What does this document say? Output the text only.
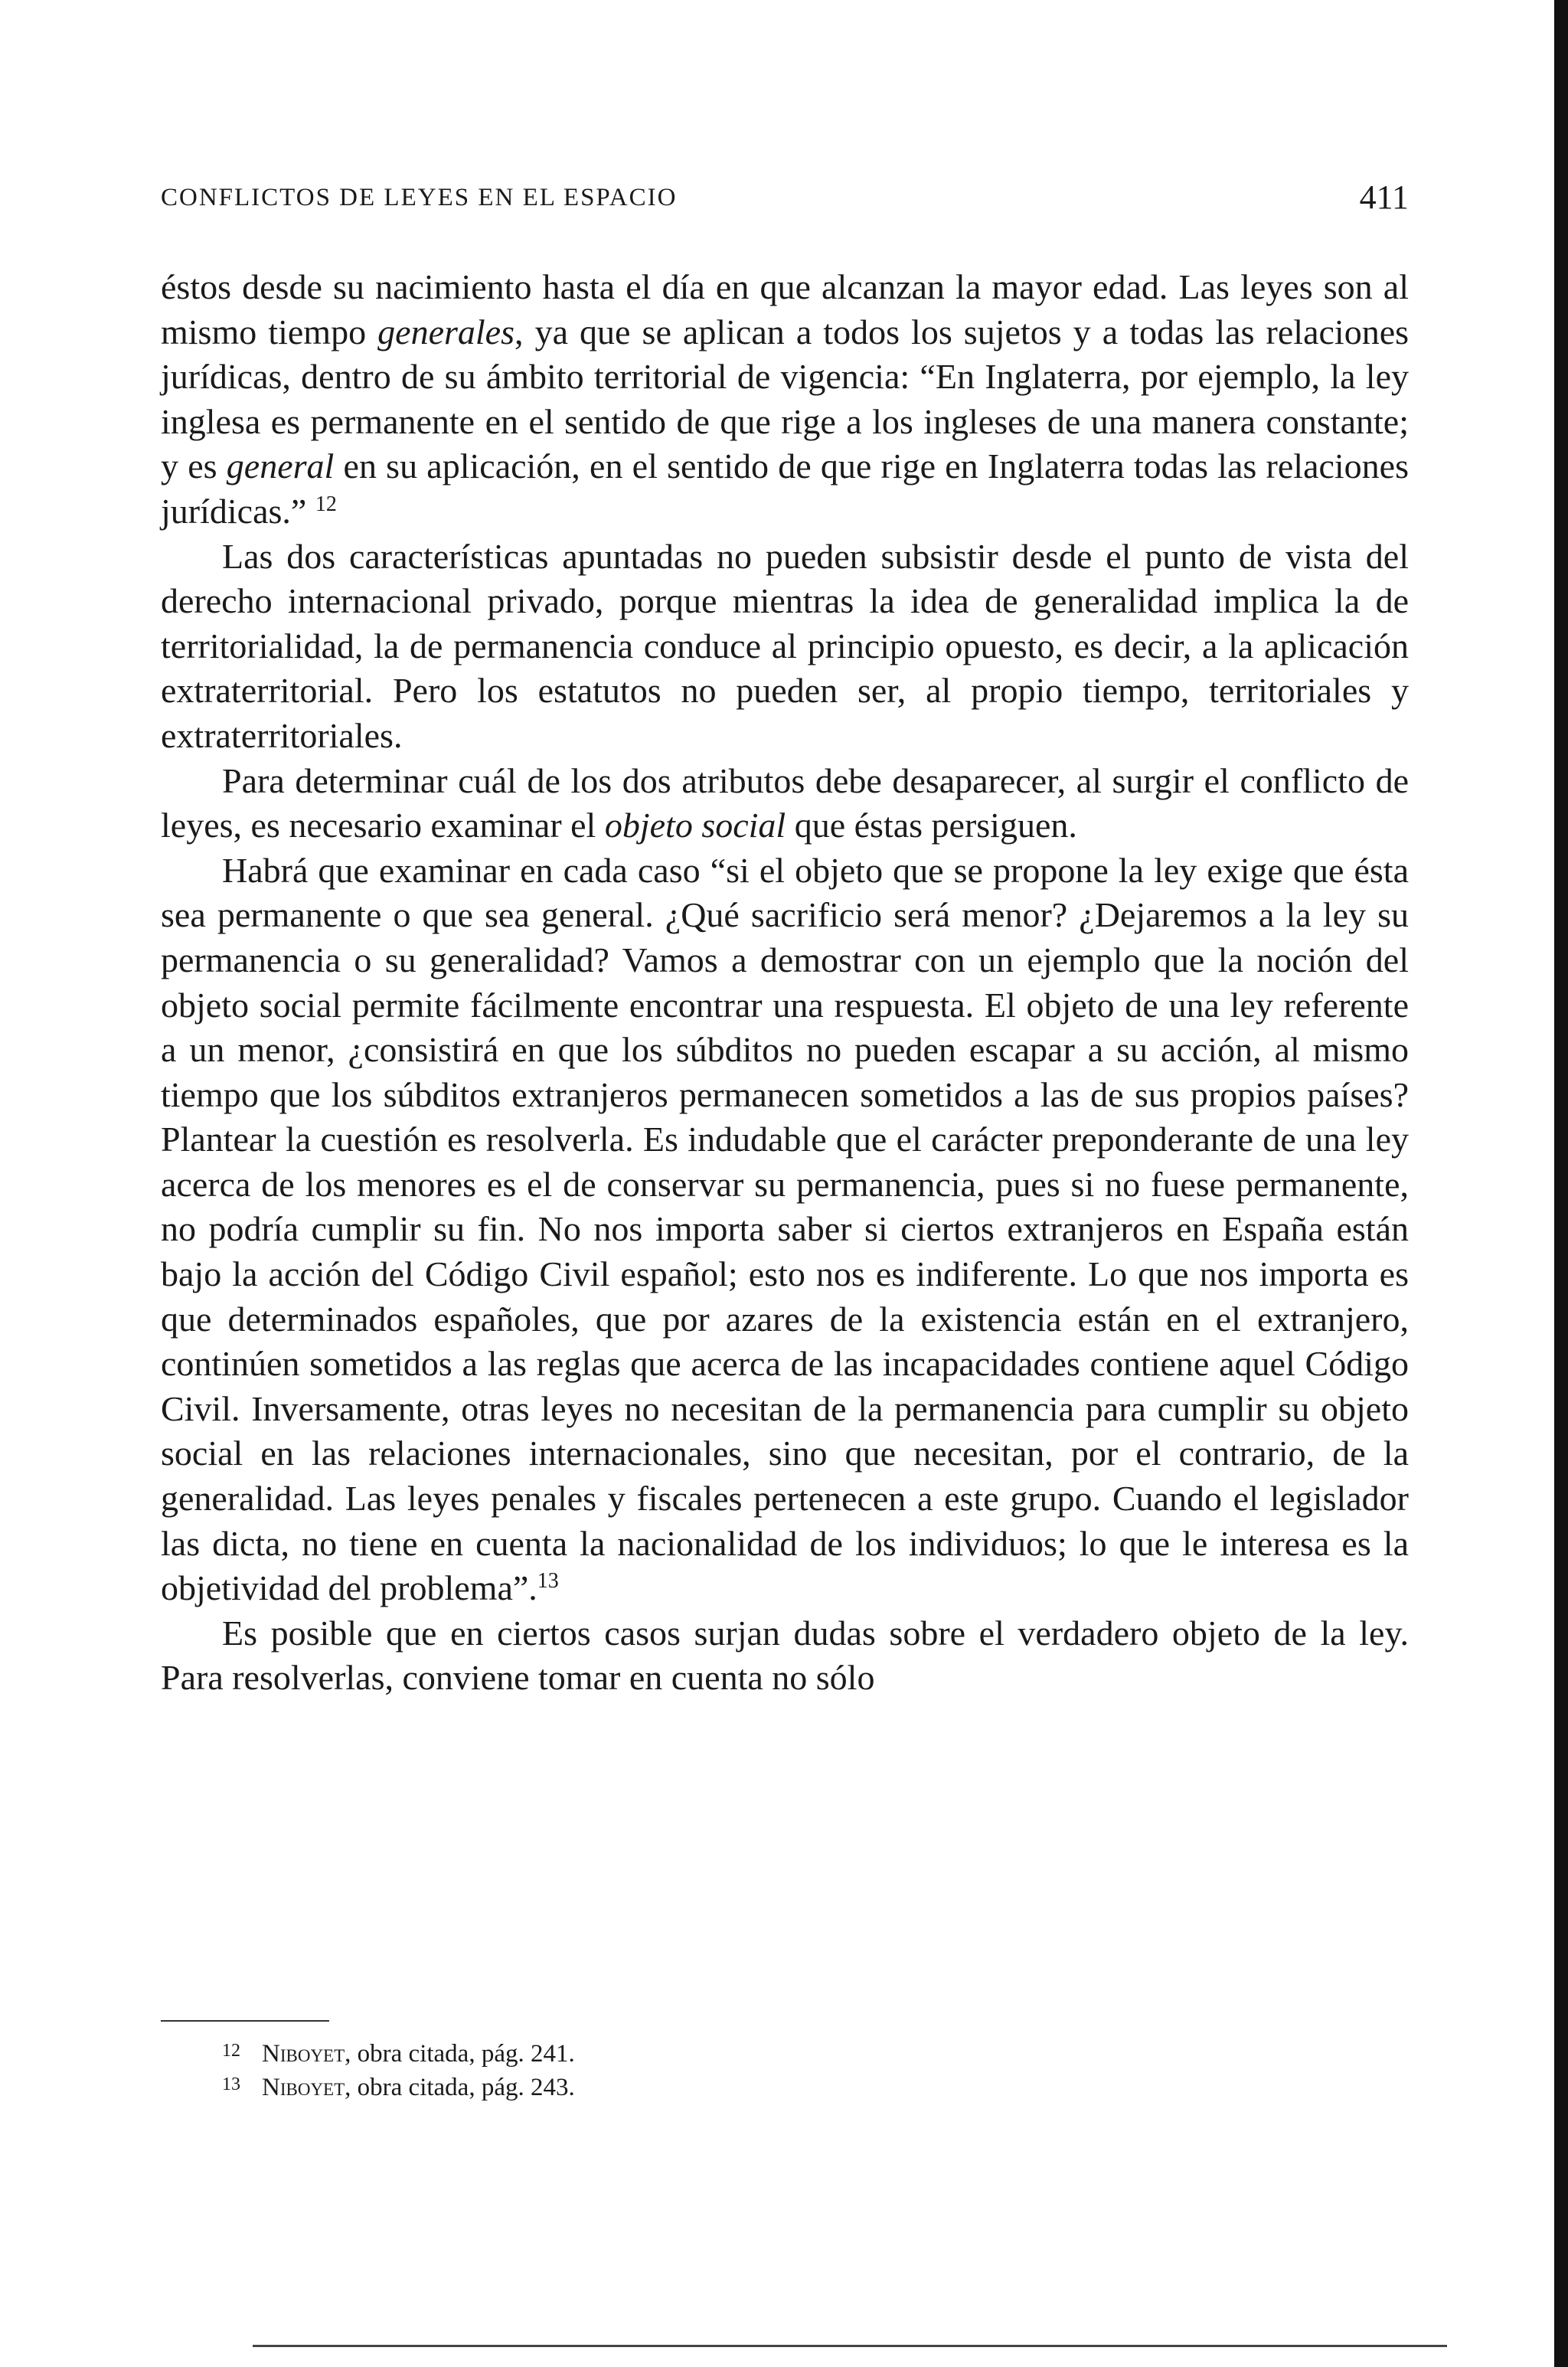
CONFLICTOS DE LEYES EN EL ESPACIO	411

éstos desde su nacimiento hasta el día en que alcanzan la mayor edad. Las leyes son al mismo tiempo generales, ya que se aplican a todos los sujetos y a todas las relaciones jurídicas, dentro de su ámbito territorial de vigencia: “En Inglaterra, por ejemplo, la ley inglesa es permanente en el sentido de que rige a los ingleses de una manera constante; y es general en su aplicación, en el sentido de que rige en Inglaterra todas las relaciones jurídicas.” $^{12}$

Las dos características apuntadas no pueden subsistir desde el punto de vista del derecho internacional privado, porque mientras la idea de generalidad implica la de territorialidad, la de permanencia conduce al principio opuesto, es decir, a la aplicación extraterritorial. Pero los estatutos no pueden ser, al propio tiempo, territoriales y extraterritoriales.

Para determinar cuál de los dos atributos debe desaparecer, al surgir el conflicto de leyes, es necesario examinar el objeto social que éstas persiguen.

Habrá que examinar en cada caso “si el objeto que se propone la ley exige que ésta sea permanente o que sea general. ¿Qué sacrificio será menor? ¿Dejaremos a la ley su permanencia o su generalidad? Vamos a demostrar con un ejemplo que la noción del objeto social permite fácilmente encontrar una respuesta. El objeto de una ley referente a un menor, ¿consistirá en que los súbditos no pueden escapar a su acción, al mismo tiempo que los súbditos extranjeros permanecen sometidos a las de sus propios países? Plantear la cuestión es resolverla. Es indudable que el carácter preponderante de una ley acerca de los menores es el de conservar su permanencia, pues si no fuese permanente, no podría cumplir su fin. No nos importa saber si ciertos extranjeros en España están bajo la acción del Código Civil español; esto nos es indiferente. Lo que nos importa es que determinados españoles, que por azares de la existencia están en el extranjero, continúen sometidos a las reglas que acerca de las incapacidades contiene aquel Código Civil. Inversamente, otras leyes no necesitan de la permanencia para cumplir su objeto social en las relaciones internacionales, sino que necesitan, por el contrario, de la generalidad. Las leyes penales y fiscales pertenecen a este grupo. Cuando el legislador las dicta, no tiene en cuenta la nacionalidad de los individuos; lo que le interesa es la objetividad del problema”.$^{13}$

Es posible que en ciertos casos surjan dudas sobre el verdadero objeto de la ley. Para resolverlas, conviene tomar en cuenta no sólo

12 Niboyet, obra citada, pág. 241.
13 Niboyet, obra citada, pág. 243.
